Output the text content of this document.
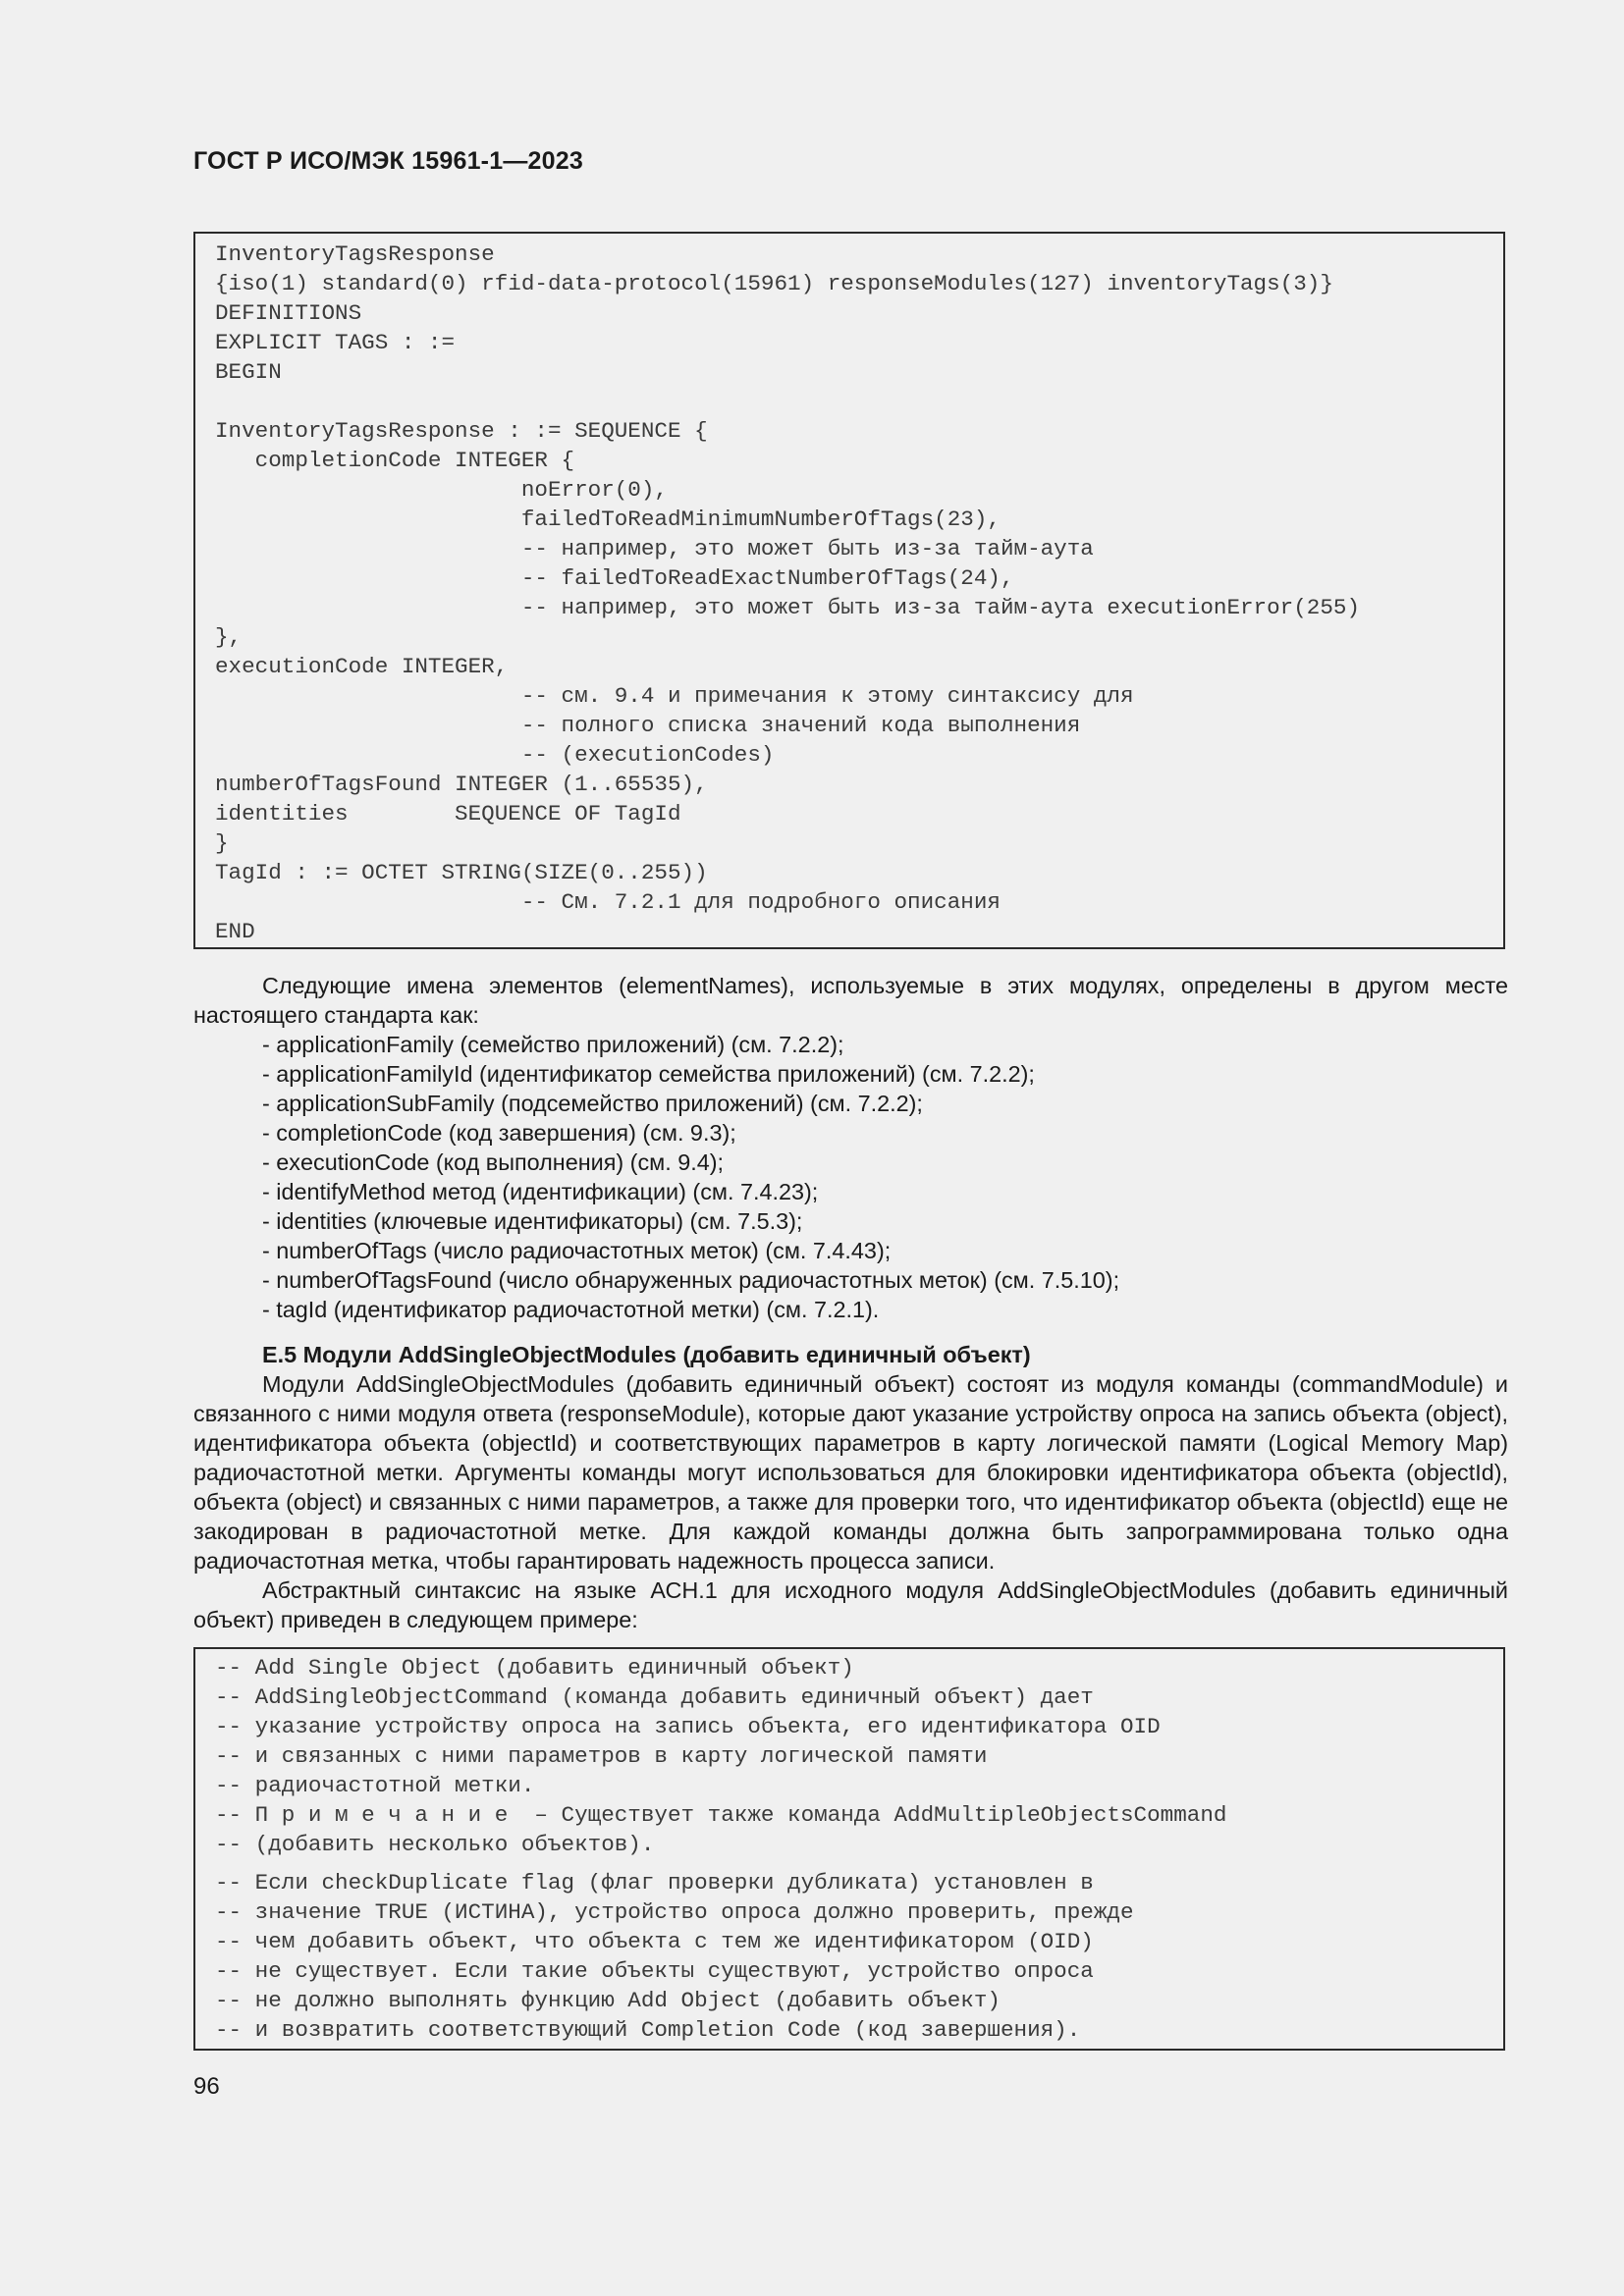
ГОСТ Р ИСО/МЭК 15961-1—2023
InventoryTagsResponse
{iso(1) standard(0) rfid-data-protocol(15961) responseModules(127) inventoryTags(3)}
DEFINITIONS
EXPLICIT TAGS : :=
BEGIN

InventoryTagsResponse : := SEQUENCE {
completionCode INTEGER {
noError(0),
failedToReadMinimumNumberOfTags(23),
-- например, это может быть из-за тайм-аута
-- failedToReadExactNumberOfTags(24),
-- например, это может быть из-за тайм-аута executionError(255)
},
executionCode INTEGER,
-- см. 9.4 и примечания к этому синтаксису для
-- полного списка значений кода выполнения
-- (executionCodes)
numberOfTagsFound INTEGER (1..65535),
identities        SEQUENCE OF TagId
}
TagId : := OCTET STRING(SIZE(0..255))
-- См. 7.2.1 для подробного описания
END

Следующие имена элементов (elementNames), используемые в этих модулях, определены в другом месте настоящего стандарта как:

- applicationFamily (семейство приложений) (см. 7.2.2);
- applicationFamilyId (идентификатор семейства приложений) (см. 7.2.2);
- applicationSubFamily (подсемейство приложений) (см. 7.2.2);
- completionCode (код завершения) (см. 9.3);
- executionCode (код выполнения) (см. 9.4);
- identifyMethod метод (идентификации) (см. 7.4.23);
- identities (ключевые идентификаторы) (см. 7.5.3);
- numberOfTags (число радиочастотных меток) (см. 7.4.43);
- numberOfTagsFound (число обнаруженных радиочастотных меток) (см. 7.5.10);
- tagId (идентификатор радиочастотной метки) (см. 7.2.1).

E.5 Модули AddSingleObjectModules (добавить единичный объект)

Модули AddSingleObjectModules (добавить единичный объект) состоят из модуля команды (commandModule) и связанного с ними модуля ответа (responseModule), которые дают указание устройству опроса на запись объекта (object), идентификатора объекта (objectId) и соответствующих параметров в карту логической памяти (Logical Memory Map) радиочастотной метки. Аргументы команды могут использоваться для блокировки идентификатора объекта (objectId), объекта (object) и связанных с ними параметров, а также для проверки того, что идентификатор объекта (objectId) еще не закодирован в радиочастотной метке. Для каждой команды должна быть запрограммирована только одна радиочастотная метка, чтобы гарантировать надежность процесса записи.

Абстрактный синтаксис на языке АСН.1 для исходного модуля AddSingleObjectModules (добавить единичный объект) приведен в следующем примере:

-- Add Single Object (добавить единичный объект)
-- AddSingleObjectCommand (команда добавить единичный объект) дает
-- указание устройству опроса на запись объекта, его идентификатора OID
-- и связанных с ними параметров в карту логической памяти
-- радиочастотной метки.
-- П р и м е ч а н и е  – Существует также команда AddMultipleObjectsCommand
-- (добавить несколько объектов).
-- Если checkDuplicate flag (флаг проверки дубликата) установлен в
-- значение TRUE (ИСТИНА), устройство опроса должно проверить, прежде
-- чем добавить объект, что объекта с тем же идентификатором (OID)
-- не существует. Если такие объекты существуют, устройство опроса
-- не должно выполнять функцию Add Object (добавить объект)
-- и возвратить соответствующий Completion Code (код завершения).
96
